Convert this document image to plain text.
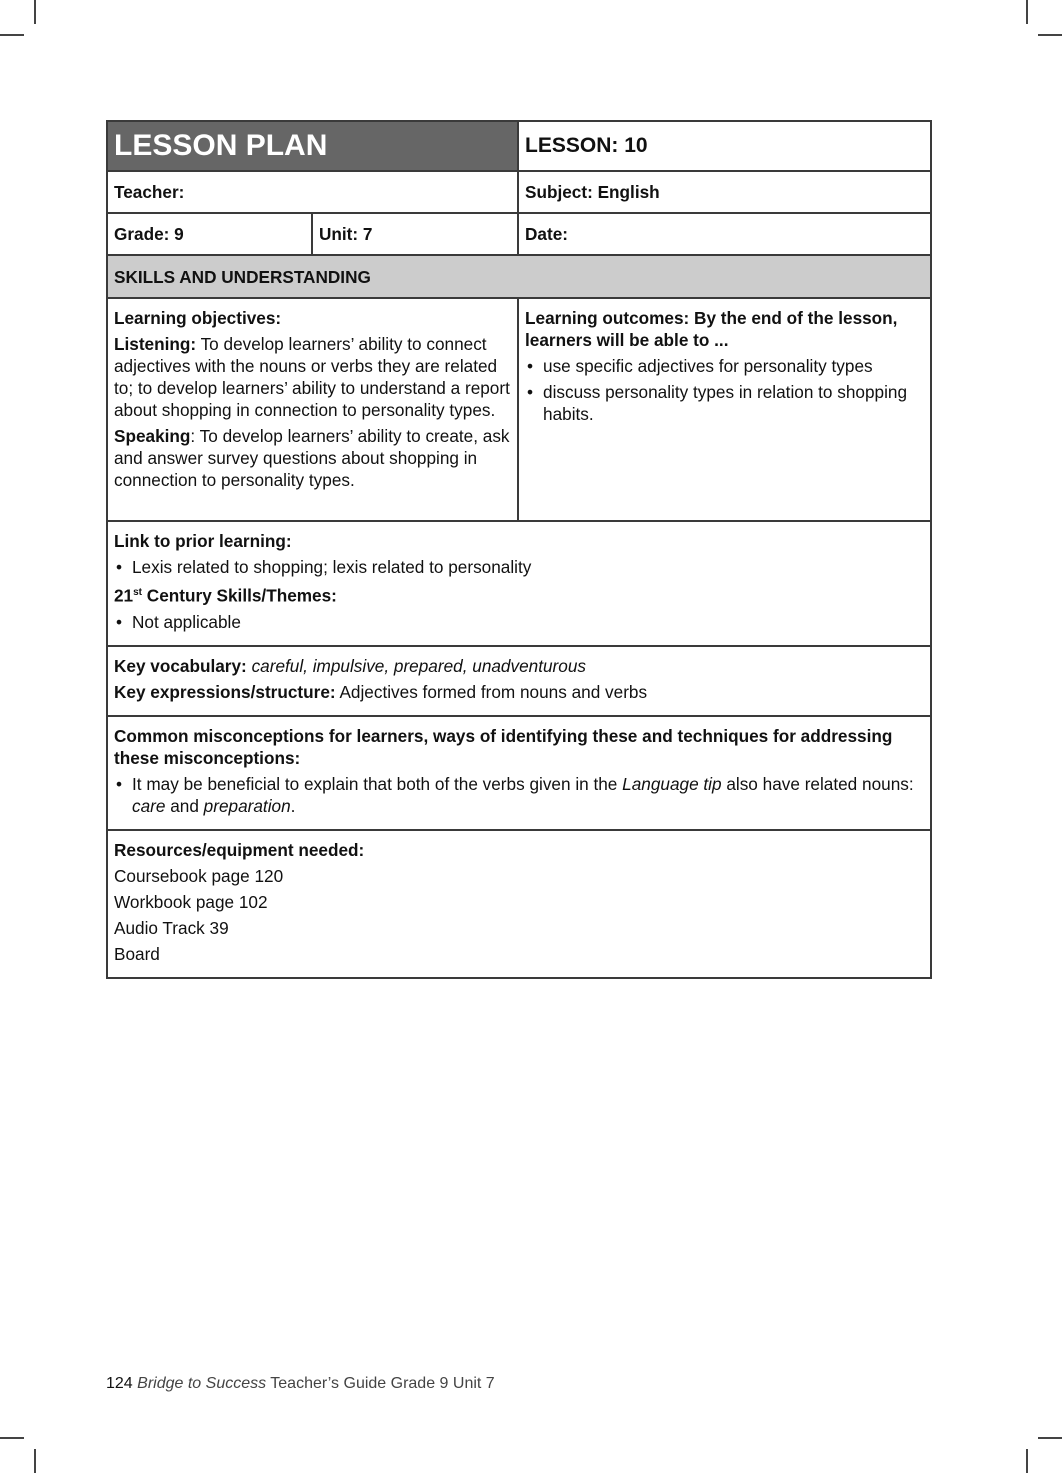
LESSON PLAN		LESSON: 10
Teacher:		Subject: English
Grade: 9	Unit: 7	Date:
SKILLS AND UNDERSTANDING		

Learning objectives:

Listening: To develop learners’ ability to connect adjectives with the nouns or verbs they are related to; to develop learners’ ability to understand a report about shopping in connection to personality types.

Speaking: To develop learners’ ability to create, ask and answer survey questions about shopping in connection to personality types.

Learning outcomes: By the end of the lesson, learners will be able to ...

• use specific adjectives for personality types
• discuss personality types in relation to shopping habits.

Link to prior learning:

• Lexis related to shopping; lexis related to personality

21st Century Skills/Themes:

• Not applicable

Key vocabulary: careful, impulsive, prepared, unadventurous

Key expressions/structure: Adjectives formed from nouns and verbs		

Common misconceptions for learners, ways of identifying these and techniques for addressing these misconceptions:

• It may be beneficial to explain that both of the verbs given in the Language tip also have related nouns: care and preparation.

Resources/equipment needed:

Coursebook page 120

Workbook page 102

Audio Track 39

Board		

124 Bridge to Success Teacher’s Guide Grade 9 Unit 7
